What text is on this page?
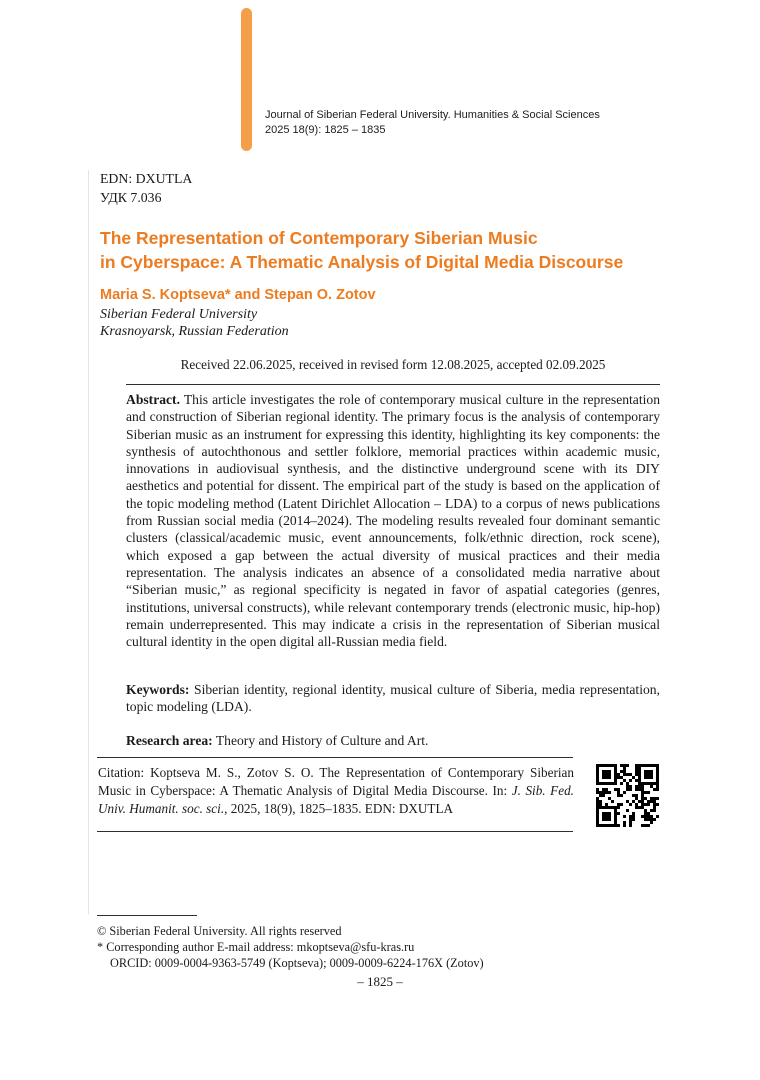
Journal of Siberian Federal University. Humanities & Social Sciences
2025 18(9): 1825 – 1835
EDN: DXUTLA
УДК 7.036
The Representation of Contemporary Siberian Music
in Cyberspace: A Thematic Analysis of Digital Media Discourse
Maria S. Koptseva* and Stepan O. Zotov
Siberian Federal University
Krasnoyarsk, Russian Federation
Received 22.06.2025, received in revised form 12.08.2025, accepted 02.09.2025

Abstract. This article investigates the role of contemporary musical culture in the representation and construction of Siberian regional identity. The primary focus is the analysis of contemporary Siberian music as an instrument for expressing this identity, highlighting its key components: the synthesis of autochthonous and settler folklore, memorial practices within academic music, innovations in audiovisual synthesis, and the distinctive underground scene with its DIY aesthetics and potential for dissent. The empirical part of the study is based on the application of the topic modeling method (Latent Dirichlet Allocation – LDA) to a corpus of news publications from Russian social media (2014–2024). The modeling results revealed four dominant semantic clusters (classical/academic music, event announcements, folk/ethnic direction, rock scene), which exposed a gap between the actual diversity of musical practices and their media representation. The analysis indicates an absence of a consolidated media narrative about “Siberian music,” as regional specificity is negated in favor of aspatial categories (genres, institutions, universal constructs), while relevant contemporary trends (electronic music, hip-hop) remain underrepresented. This may indicate a crisis in the representation of Siberian musical cultural identity in the open digital all-Russian media field.

Keywords: Siberian identity, regional identity, musical culture of Siberia, media representation, topic modeling (LDA).

Research area: Theory and History of Culture and Art.

Citation: Koptseva M. S., Zotov S. O. The Representation of Contemporary Siberian Music in Cyberspace: A Thematic Analysis of Digital Media Discourse. In: J. Sib. Fed. Univ. Humanit. soc. sci., 2025, 18(9), 1825–1835. EDN: DXUTLA

© Siberian Federal University. All rights reserved
* Corresponding author E-mail address: mkoptseva@sfu-kras.ru
ORCID: 0009-0004-9363-5749 (Koptseva); 0009-0009-6224-176X (Zotov)
– 1825 –
